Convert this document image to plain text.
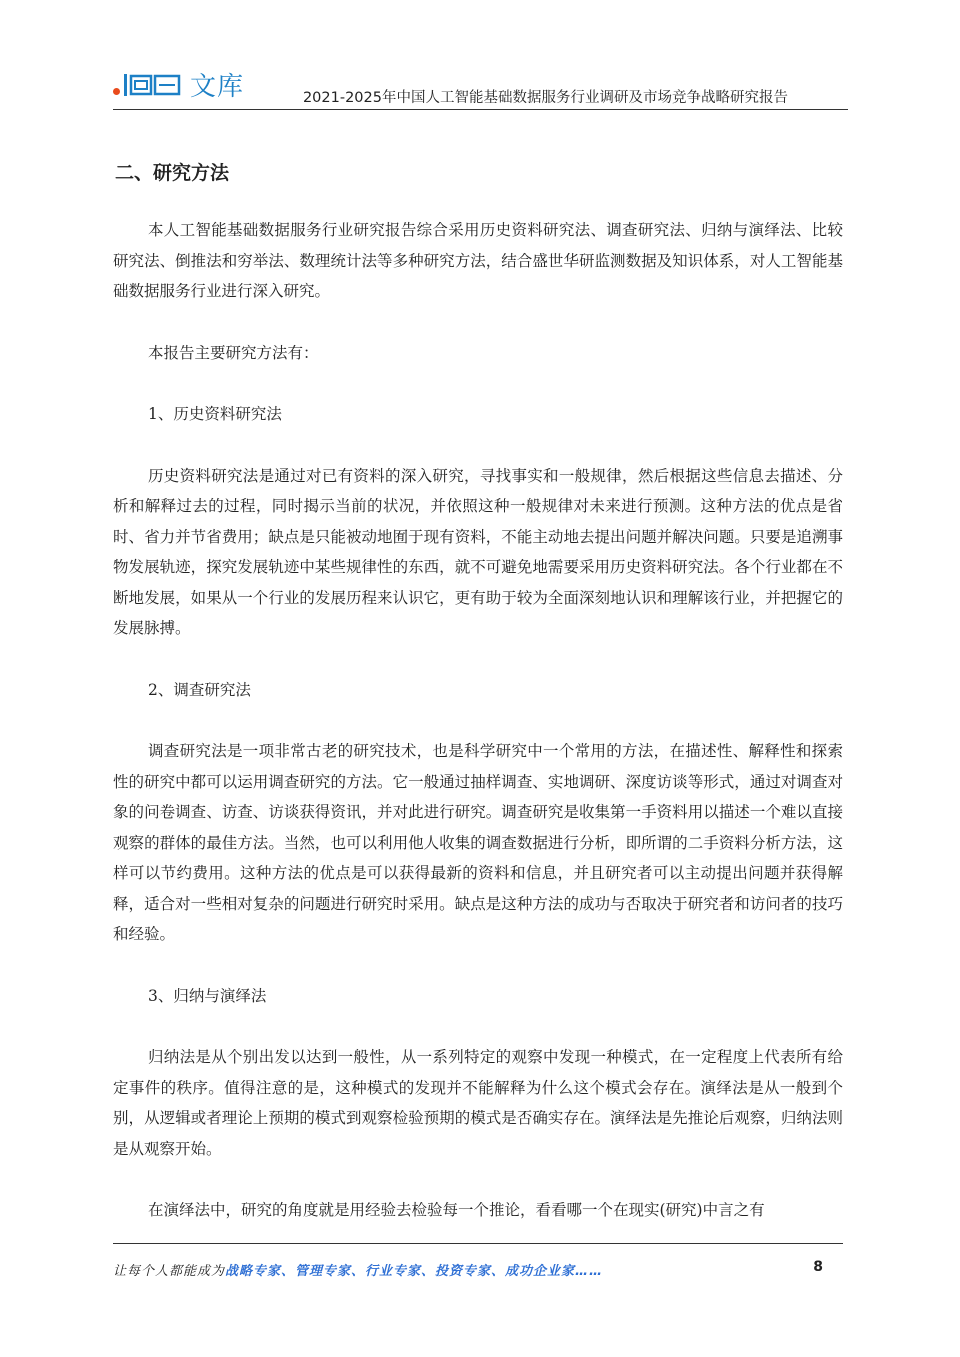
文库	2021-2025年中国人工智能基础数据服务行业调研及市场竞争战略研究报告
二、研究方法

本人工智能基础数据服务行业研究报告综合采用历史资料研究法、调查研究法、归纳与演绎法、比较研究法、倒推法和穷举法、数理统计法等多种研究方法，结合盛世华研监测数据及知识体系，对人工智能基础数据服务行业进行深入研究。

本报告主要研究方法有：

1、历史资料研究法

历史资料研究法是通过对已有资料的深入研究，寻找事实和一般规律，然后根据这些信息去描述、分析和解释过去的过程，同时揭示当前的状况，并依照这种一般规律对未来进行预测。这种方法的优点是省时、省力并节省费用；缺点是只能被动地囿于现有资料，不能主动地去提出问题并解决问题。只要是追溯事物发展轨迹，探究发展轨迹中某些规律性的东西，就不可避免地需要采用历史资料研究法。各个行业都在不断地发展，如果从一个行业的发展历程来认识它，更有助于较为全面深刻地认识和理解该行业，并把握它的发展脉搏。

2、调查研究法

调查研究法是一项非常古老的研究技术，也是科学研究中一个常用的方法，在描述性、解释性和探索性的研究中都可以运用调查研究的方法。它一般通过抽样调查、实地调研、深度访谈等形式，通过对调查对象的问卷调查、访查、访谈获得资讯，并对此进行研究。调查研究是收集第一手资料用以描述一个难以直接观察的群体的最佳方法。当然，也可以利用他人收集的调查数据进行分析，即所谓的二手资料分析方法，这样可以节约费用。这种方法的优点是可以获得最新的资料和信息，并且研究者可以主动提出问题并获得解释，适合对一些相对复杂的问题进行研究时采用。缺点是这种方法的成功与否取决于研究者和访问者的技巧和经验。

3、归纳与演绎法

归纳法是从个别出发以达到一般性，从一系列特定的观察中发现一种模式，在一定程度上代表所有给定事件的秩序。值得注意的是，这种模式的发现并不能解释为什么这个模式会存在。演绎法是从一般到个别，从逻辑或者理论上预期的模式到观察检验预期的模式是否确实存在。演绎法是先推论后观察，归纳法则是从观察开始。

在演绎法中，研究的角度就是用经验去检验每一个推论，看看哪一个在现实(研究)中言之有

让每个人都能成为战略专家、管理专家、行业专家、投资专家、成功企业家……	8
